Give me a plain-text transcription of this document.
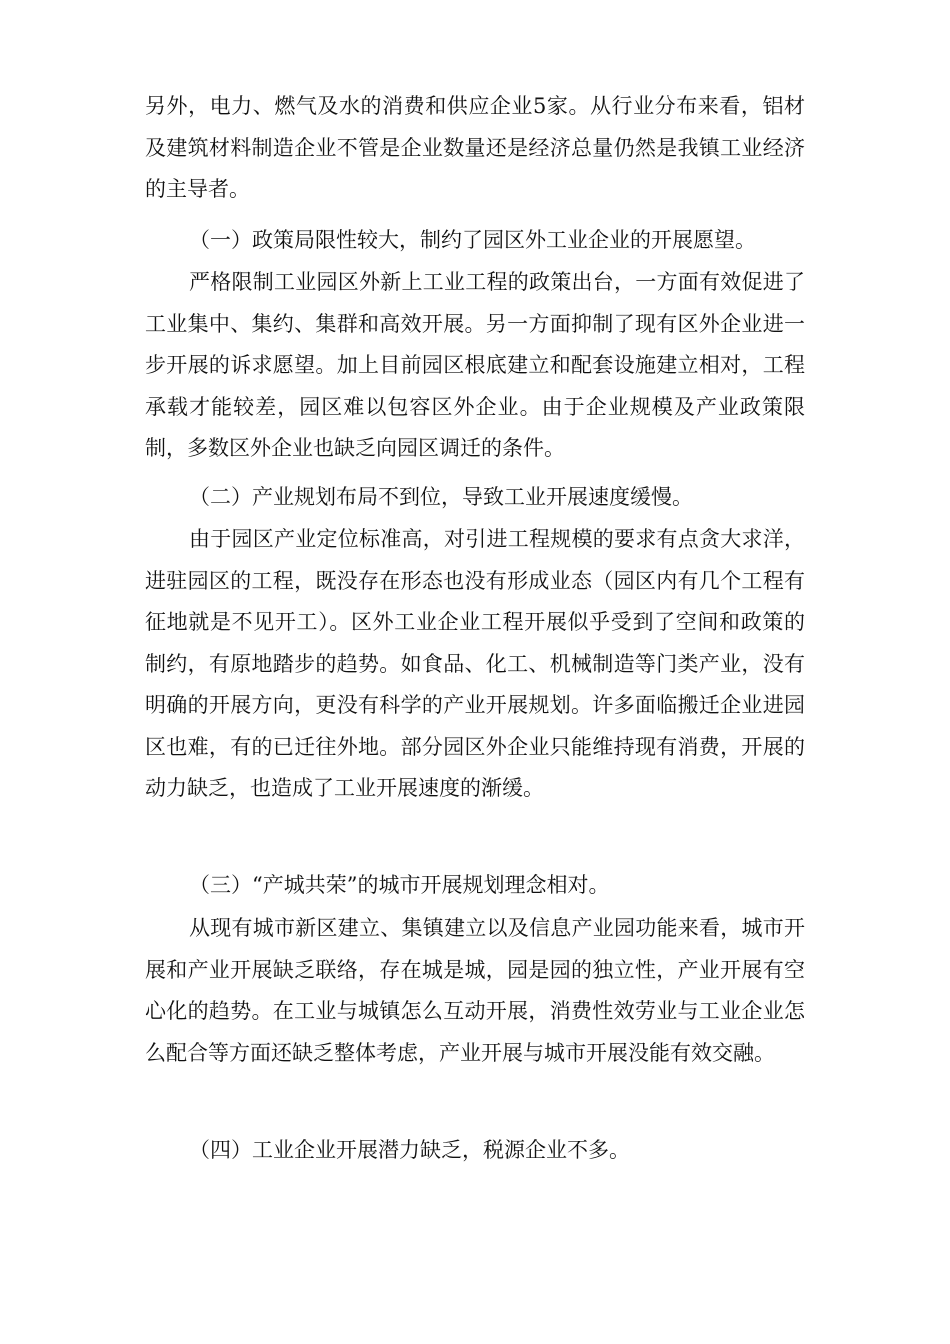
另外，电力、燃气及水的消费和供应企业5家。从行业分布来看，铝材及建筑材料制造企业不管是企业数量还是经济总量仍然是我镇工业经济的主导者。

（一）政策局限性较大，制约了园区外工业企业的开展愿望。

严格限制工业园区外新上工业工程的政策出台，一方面有效促进了工业集中、集约、集群和高效开展。另一方面抑制了现有区外企业进一步开展的诉求愿望。加上目前园区根底建立和配套设施建立相对，工程承载才能较差，园区难以包容区外企业。由于企业规模及产业政策限制，多数区外企业也缺乏向园区调迁的条件。

（二）产业规划布局不到位，导致工业开展速度缓慢。

由于园区产业定位标准高，对引进工程规模的要求有点贪大求洋，进驻园区的工程，既没存在形态也没有形成业态（园区内有几个工程有征地就是不见开工）。区外工业企业工程开展似乎受到了空间和政策的制约，有原地踏步的趋势。如食品、化工、机械制造等门类产业，没有明确的开展方向，更没有科学的产业开展规划。许多面临搬迁企业进园区也难，有的已迁往外地。部分园区外企业只能维持现有消费，开展的动力缺乏，也造成了工业开展速度的渐缓。

（三）“产城共荣”的城市开展规划理念相对。

从现有城市新区建立、集镇建立以及信息产业园功能来看，城市开展和产业开展缺乏联络，存在城是城，园是园的独立性，产业开展有空心化的趋势。在工业与城镇怎么互动开展，消费性效劳业与工业企业怎么配合等方面还缺乏整体考虑，产业开展与城市开展没能有效交融。

（四）工业企业开展潜力缺乏，税源企业不多。
